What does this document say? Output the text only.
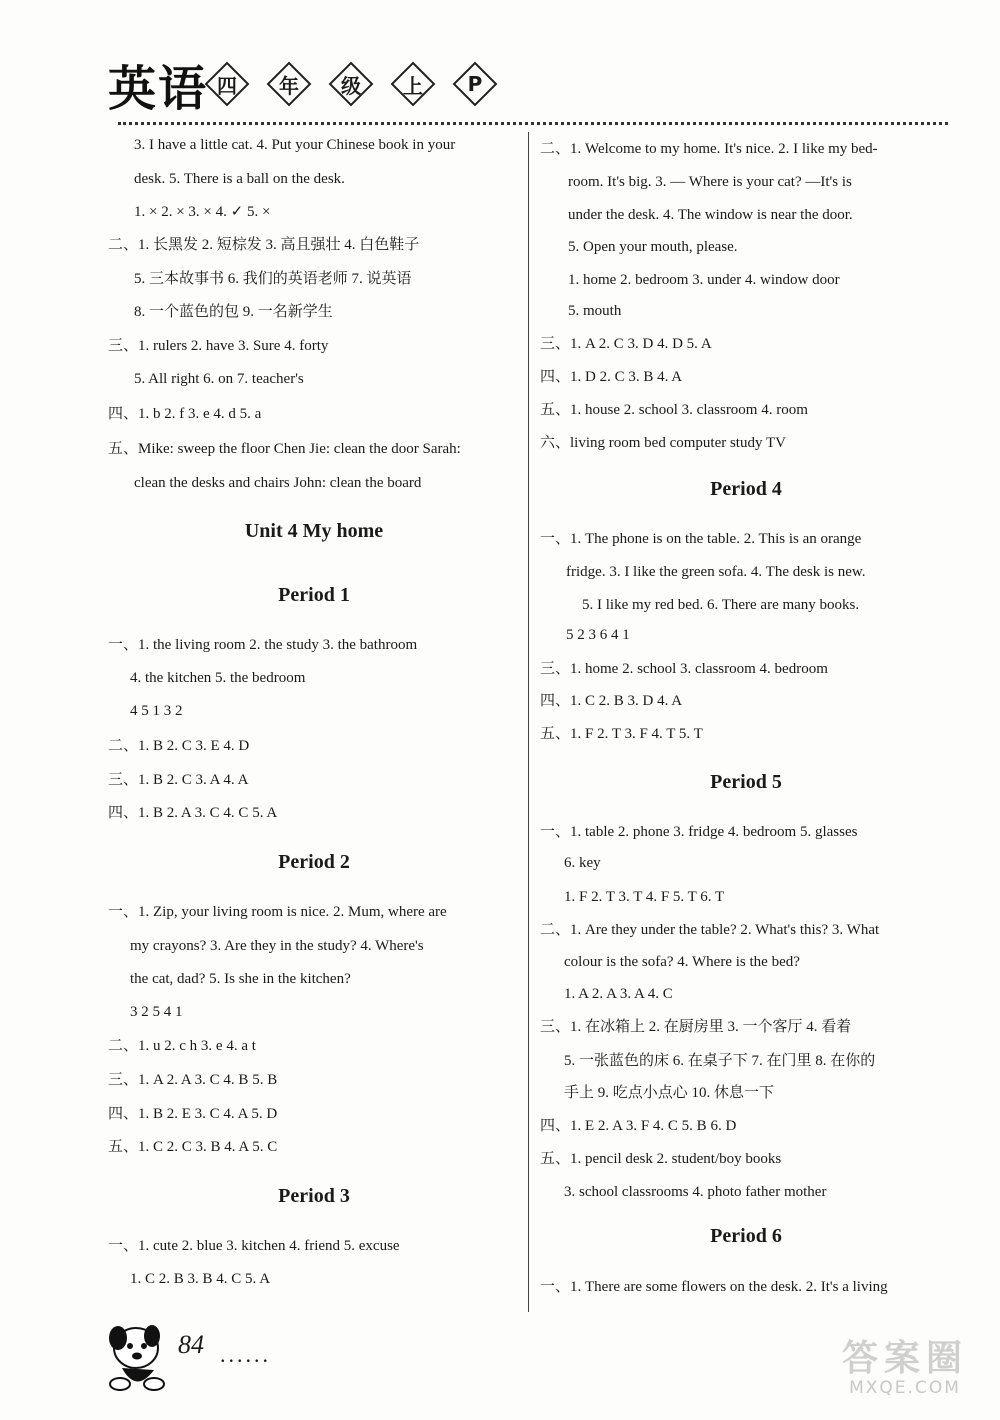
英语 四 年 级 上 P
3. I have a little cat. 4. Put your Chinese book in your
desk. 5. There is a ball on the desk.
1. × 2. × 3. × 4. ✓ 5. ×
二、1. 长黑发 2. 短棕发 3. 高且强壮 4. 白色鞋子
5. 三本故事书 6. 我们的英语老师 7. 说英语
8. 一个蓝色的包 9. 一名新学生
三、1. rulers 2. have 3. Sure 4. forty
5. All right 6. on 7. teacher's
四、1. b 2. f 3. e 4. d 5. a
五、Mike: sweep the floor Chen Jie: clean the door Sarah:
clean the desks and chairs John: clean the board
Unit 4 My home
Period 1
一、1. the living room 2. the study 3. the bathroom
4. the kitchen 5. the bedroom
4 5 1 3 2
二、1. B 2. C 3. E 4. D
三、1. B 2. C 3. A 4. A
四、1. B 2. A 3. C 4. C 5. A
Period 2
一、1. Zip, your living room is nice. 2. Mum, where are
my crayons? 3. Are they in the study? 4. Where's
the cat, dad? 5. Is she in the kitchen?
3 2 5 4 1
二、1. u 2. c h 3. e 4. a t
三、1. A 2. A 3. C 4. B 5. B
四、1. B 2. E 3. C 4. A 5. D
五、1. C 2. C 3. B 4. A 5. C
Period 3
一、1. cute 2. blue 3. kitchen 4. friend 5. excuse
1. C 2. B 3. B 4. C 5. A
二、1. Welcome to my home. It's nice. 2. I like my bed-
room. It's big. 3. — Where is your cat? —It's is
under the desk. 4. The window is near the door.
5. Open your mouth, please.
1. home 2. bedroom 3. under 4. window door
5. mouth
三、1. A 2. C 3. D 4. D 5. A
四、1. D 2. C 3. B 4. A
五、1. house 2. school 3. classroom 4. room
六、living room bed computer study TV
Period 4
一、1. The phone is on the table. 2. This is an orange
fridge. 3. I like the green sofa. 4. The desk is new.
5. I like my red bed. 6. There are many books.
5 2 3 6 4 1
三、1. home 2. school 3. classroom 4. bedroom
四、1. C 2. B 3. D 4. A
五、1. F 2. T 3. F 4. T 5. T
Period 5
一、1. table 2. phone 3. fridge 4. bedroom 5. glasses
6. key
1. F 2. T 3. T 4. F 5. T 6. T
二、1. Are they under the table? 2. What's this? 3. What
colour is the sofa? 4. Where is the bed?
1. A 2. A 3. A 4. C
三、1. 在冰箱上 2. 在厨房里 3. 一个客厅 4. 看着
5. 一张蓝色的床 6. 在桌子下 7. 在门里 8. 在你的
手上 9. 吃点小点心 10. 休息一下
四、1. E 2. A 3. F 4. C 5. B 6. D
五、1. pencil desk 2. student/boy books
3. school classrooms 4. photo father mother
Period 6
一、1. There are some flowers on the desk. 2. It's a living
84 ......	答案圈
MXQE.COM
